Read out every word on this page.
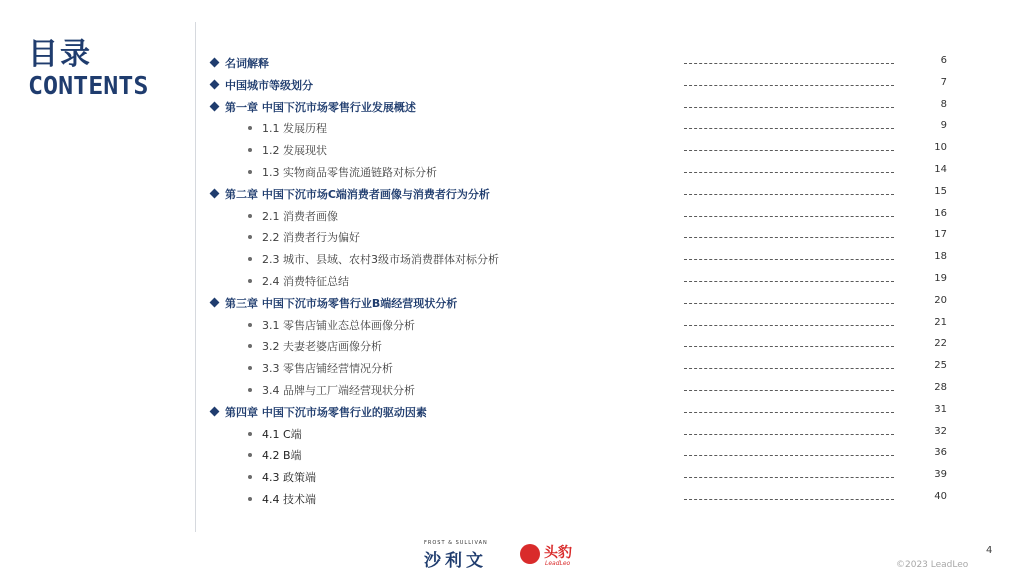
目录
CONTENTS
名词解释	6
中国城市等级划分	7
第一章 中国下沉市场零售行业发展概述	8
1.1 发展历程	9
1.2 发展现状	10
1.3 实物商品零售流通链路对标分析	14
第二章 中国下沉市场C端消费者画像与消费者行为分析	15
2.1 消费者画像	16
2.2 消费者行为偏好	17
2.3 城市、县域、农村3级市场消费群体对标分析	18
2.4 消费特征总结	19
第三章 中国下沉市场零售行业B端经营现状分析	20
3.1 零售店铺业态总体画像分析	21
3.2 夫妻老婆店画像分析	22
3.3 零售店铺经营情况分析	25
3.4 品牌与工厂端经营现状分析	28
第四章 中国下沉市场零售行业的驱动因素	31
4.1 C端	32
4.2 B端	36
4.3 政策端	39
4.4 技术端	40
FROST & SULLIVAN
沙利文	头豹
LeadLeo
4
©2023 LeadLeo
